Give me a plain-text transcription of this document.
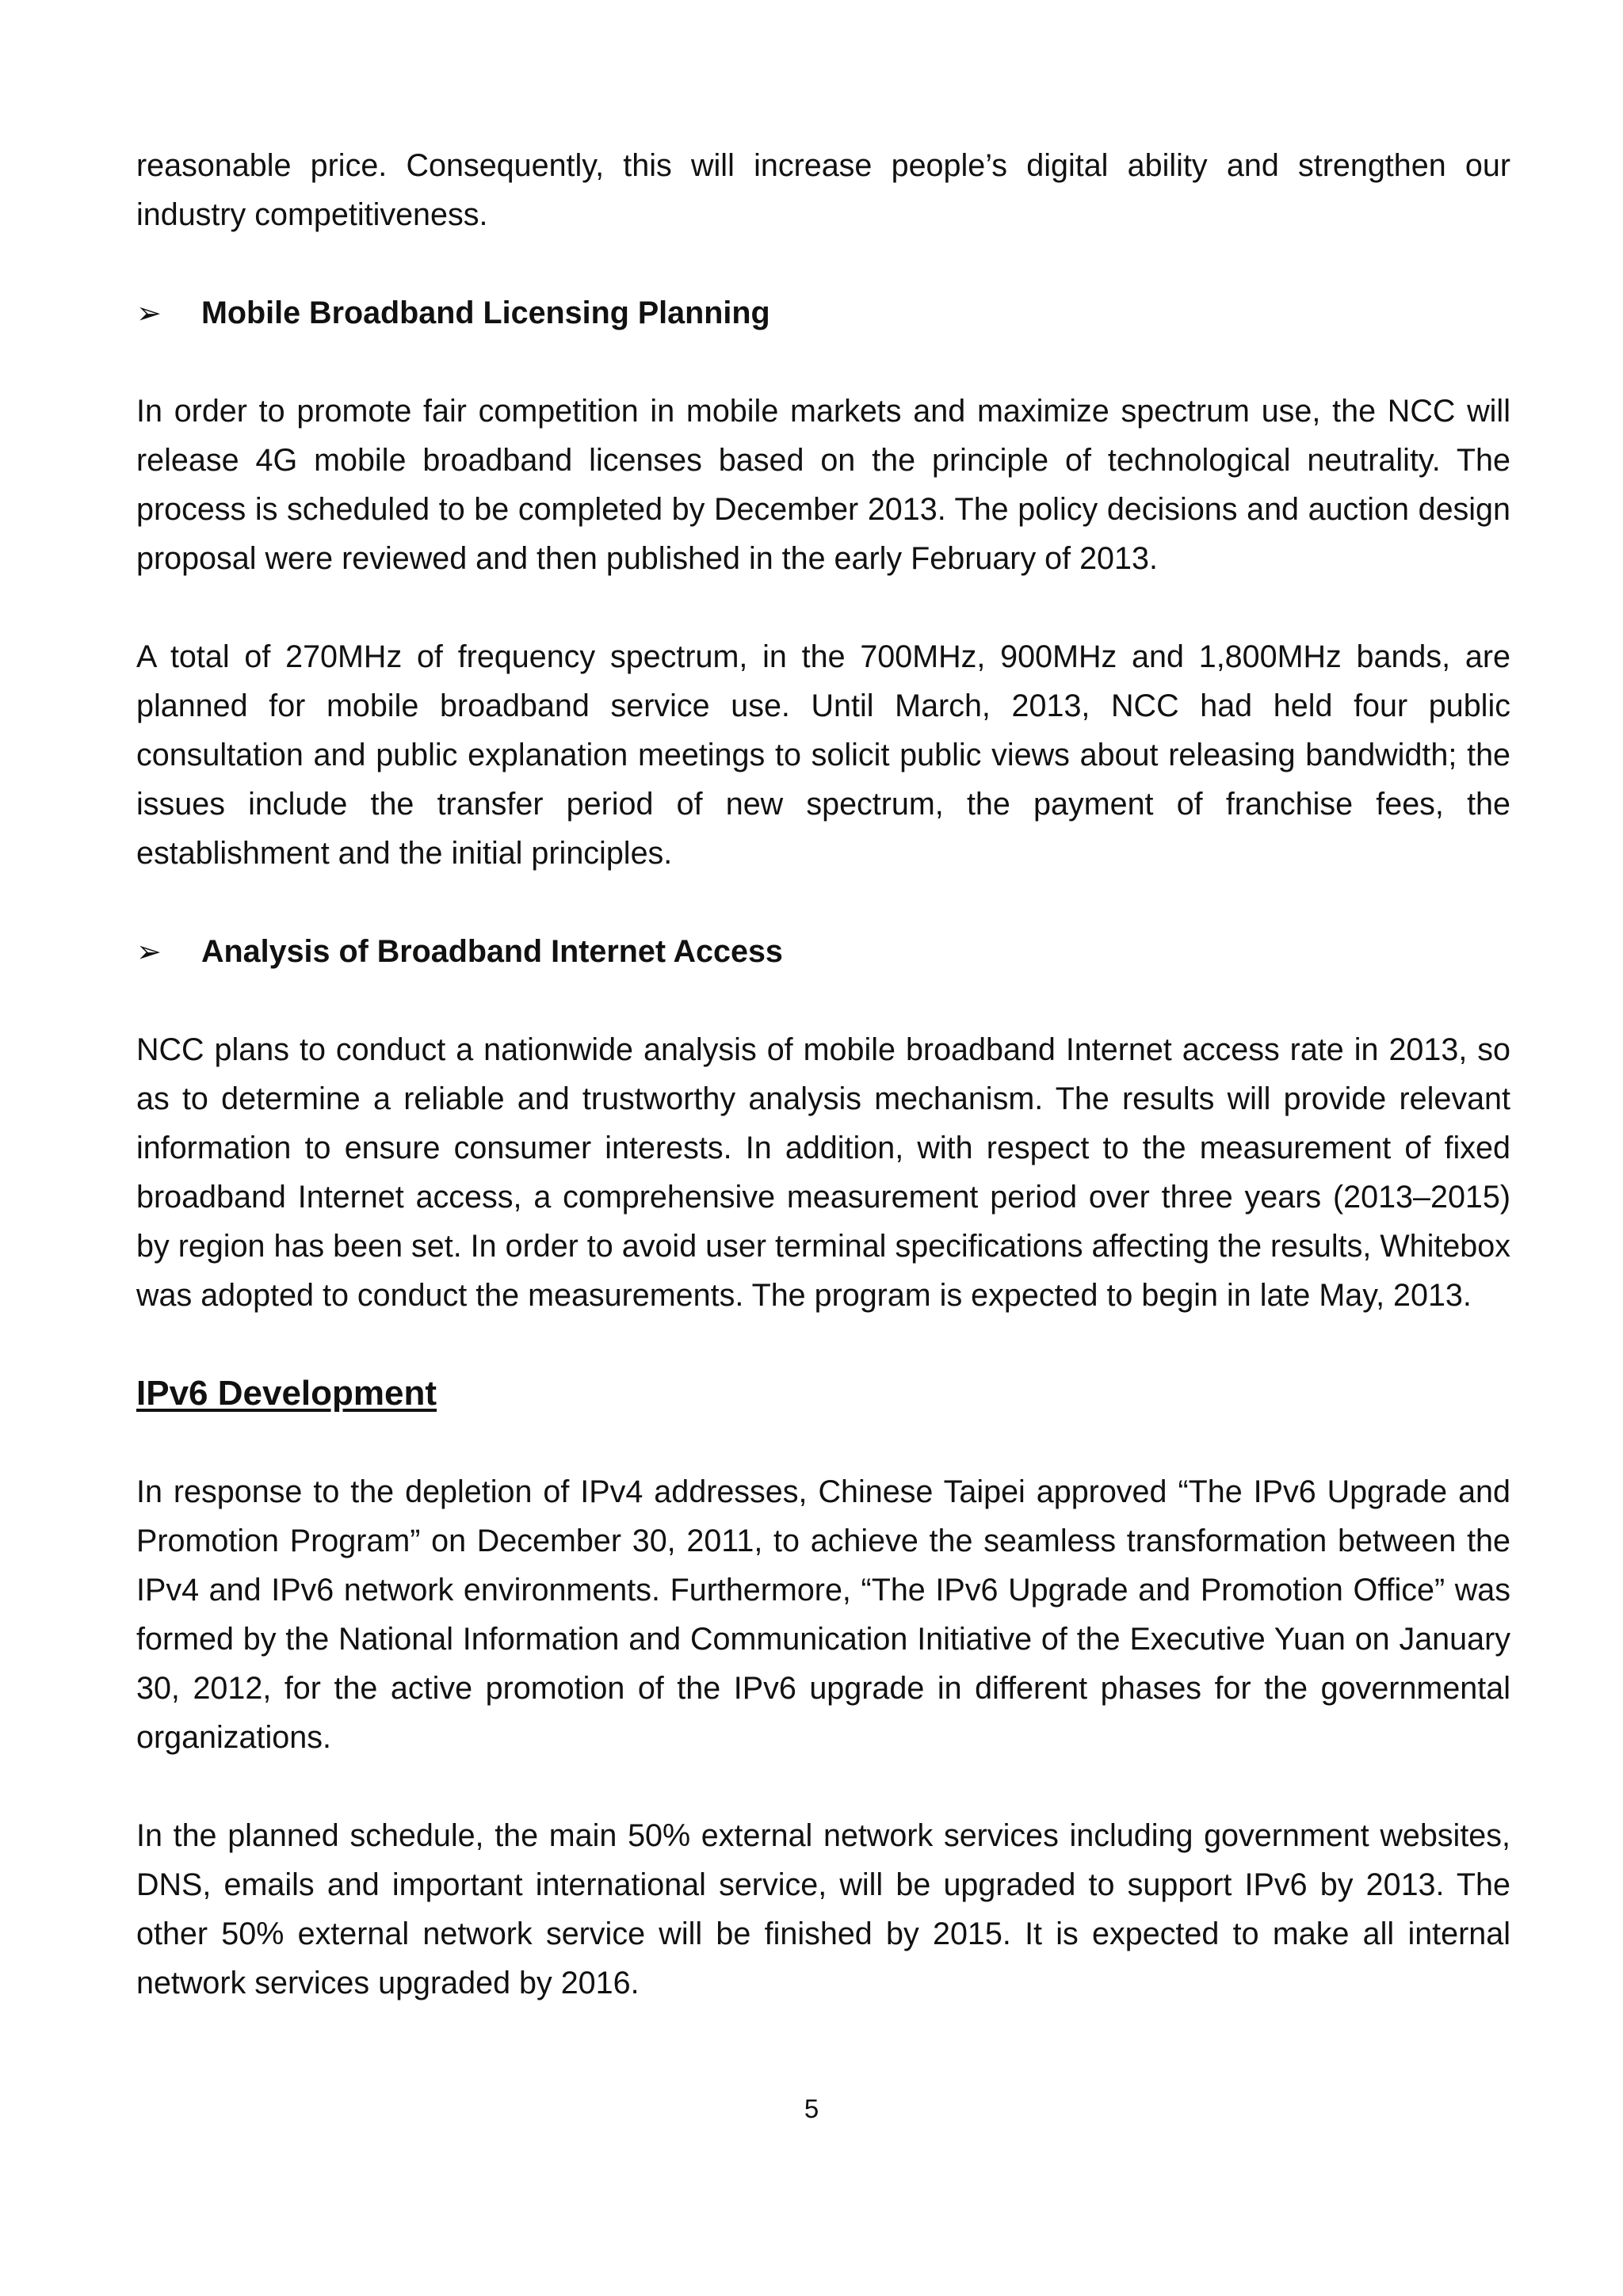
reasonable price. Consequently, this will increase people’s digital ability and strengthen our industry competitiveness.

➢	Mobile Broadband Licensing Planning

In order to promote fair competition in mobile markets and maximize spectrum use, the NCC will release 4G mobile broadband licenses based on the principle of technological neutrality. The process is scheduled to be completed by December 2013. The policy decisions and auction design proposal were reviewed and then published in the early February of 2013.

A total of 270MHz of frequency spectrum, in the 700MHz, 900MHz and 1,800MHz bands, are planned for mobile broadband service use. Until March, 2013, NCC had held four public consultation and public explanation meetings to solicit public views about releasing bandwidth; the issues include the transfer period of new spectrum, the payment of franchise fees, the establishment and the initial principles.

➢	Analysis of Broadband Internet Access

NCC plans to conduct a nationwide analysis of mobile broadband Internet access rate in 2013, so as to determine a reliable and trustworthy analysis mechanism. The results will provide relevant information to ensure consumer interests. In addition, with respect to the measurement of fixed broadband Internet access, a comprehensive measurement period over three years (2013–2015) by region has been set. In order to avoid user terminal specifications affecting the results, Whitebox was adopted to conduct the measurements. The program is expected to begin in late May, 2013.

IPv6 Development

In response to the depletion of IPv4 addresses, Chinese Taipei approved “The IPv6 Upgrade and Promotion Program” on December 30, 2011, to achieve the seamless transformation between the IPv4 and IPv6 network environments. Furthermore, “The IPv6 Upgrade and Promotion Office” was formed by the National Information and Communication Initiative of the Executive Yuan on January 30, 2012, for the active promotion of the IPv6 upgrade in different phases for the governmental organizations.

In the planned schedule, the main 50% external network services including government websites, DNS, emails and important international service, will be upgraded to support IPv6 by 2013. The other 50% external network service will be finished by 2015. It is expected to make all internal network services upgraded by 2016.

5
